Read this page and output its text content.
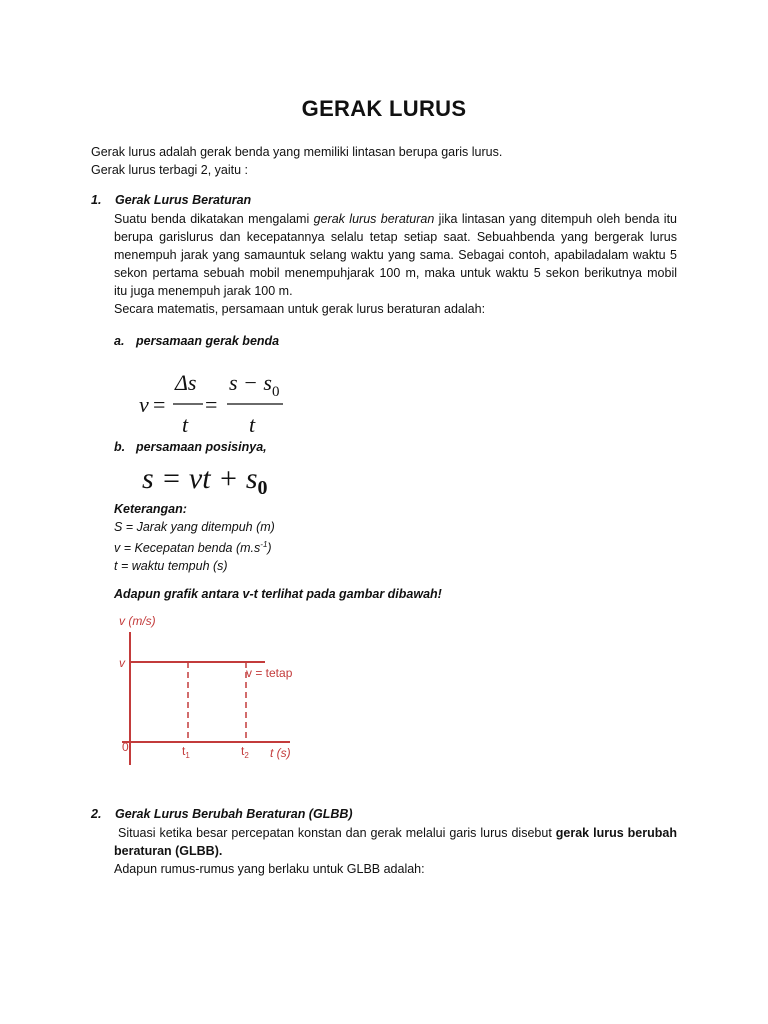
GERAK LURUS
Gerak lurus adalah gerak benda yang memiliki lintasan berupa garis lurus.
Gerak lurus terbagi 2, yaitu :
1. Gerak Lurus Beraturan
Suatu benda dikatakan mengalami gerak lurus beraturan jika lintasan yang ditempuh oleh benda itu
berupa garislurus dan kecepatannya selalu tetap setiap saat. Sebuahbenda yang bergerak lurus
menempuh jarak yang samauntuk selang waktu yang sama. Sebagai contoh, apabiladalam waktu 5
sekon pertama sebuah mobil menempuhjarak 100 m, maka untuk waktu 5 sekon berikutnya mobil
itu juga menempuh jarak 100 m.
Secara matematis, persamaan untuk gerak lurus beraturan adalah:
a. persamaan gerak benda
v =
Δs
t
=
$s - s_0$
t
b. persamaan posisinya,
s = vt + $s_0$
Keterangan:
S = Jarak yang ditempuh (m)
v = Kecepatan benda $(m.s^{-1})$
t = waktu tempuh (s)
Adapun grafik antara v-t terlihat pada gambar dibawah!
v (m/s)
v
0	$t_1$	$t_2$ t (s)
v = tetap
2. Gerak Lurus Berubah Beraturan (GLBB)
Situasi ketika besar percepatan konstan dan gerak melalui garis lurus disebut gerak lurus berubah
beraturan (GLBB).
Adapun rumus-rumus yang berlaku untuk GLBB adalah:
